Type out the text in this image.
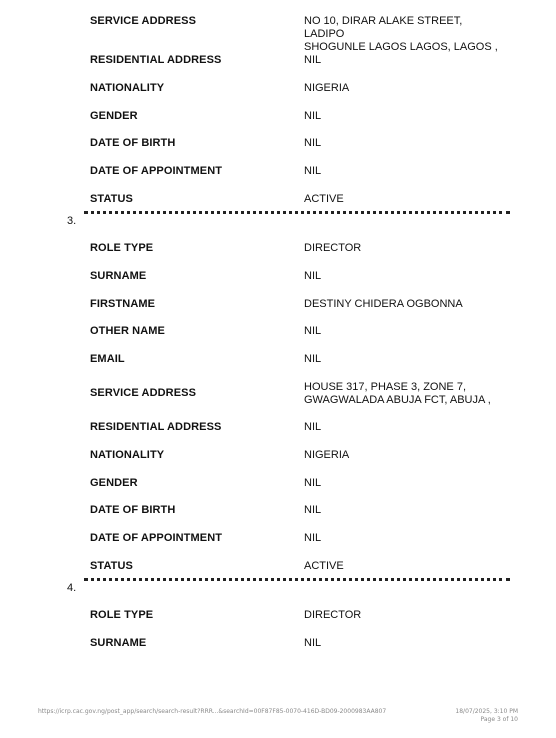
SERVICE ADDRESS	NO 10, DIRAR ALAKE STREET, LADIPO
SHOGUNLE LAGOS LAGOS, LAGOS ,
RESIDENTIAL ADDRESS	NIL
NATIONALITY	NIGERIA
GENDER	NIL
DATE OF BIRTH	NIL
DATE OF APPOINTMENT	NIL
STATUS	ACTIVE
3.
ROLE TYPE	DIRECTOR
SURNAME	NIL
FIRSTNAME	DESTINY CHIDERA OGBONNA
OTHER NAME	NIL
EMAIL	NIL
SERVICE ADDRESS	HOUSE 317, PHASE 3, ZONE 7,
GWAGWALADA ABUJA FCT, ABUJA ,
RESIDENTIAL ADDRESS	NIL
NATIONALITY	NIGERIA
GENDER	NIL
DATE OF BIRTH	NIL
DATE OF APPOINTMENT	NIL
STATUS	ACTIVE
4.
ROLE TYPE	DIRECTOR
SURNAME	NIL
https://icrp.cac.gov.ng/post_app/search/search-result?RRR...&searchId=00F87F85-0070-416D-BD09-2000983AA807	18/07/2025, 3:10 PM
Page 3 of 10
